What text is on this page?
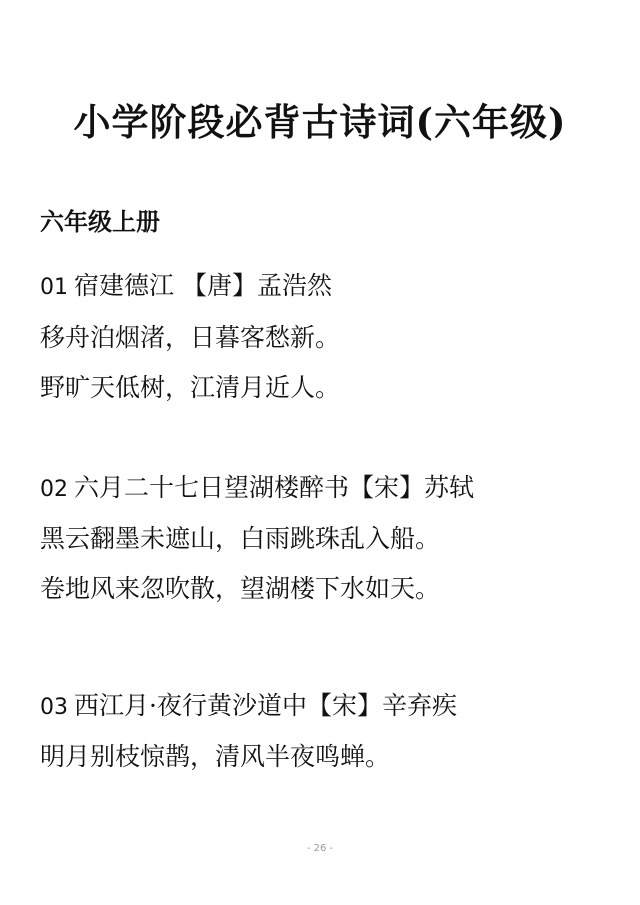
小学阶段必背古诗词(六年级)
六年级上册
01 宿建德江 【唐】孟浩然
移舟泊烟渚，日暮客愁新。
野旷天低树，江清月近人。
02 六月二十七日望湖楼醉书【宋】苏轼
黑云翻墨未遮山，白雨跳珠乱入船。
卷地风来忽吹散，望湖楼下水如天。
03 西江月·夜行黄沙道中【宋】辛弃疾
明月别枝惊鹊，清风半夜鸣蝉。
- 26 -
